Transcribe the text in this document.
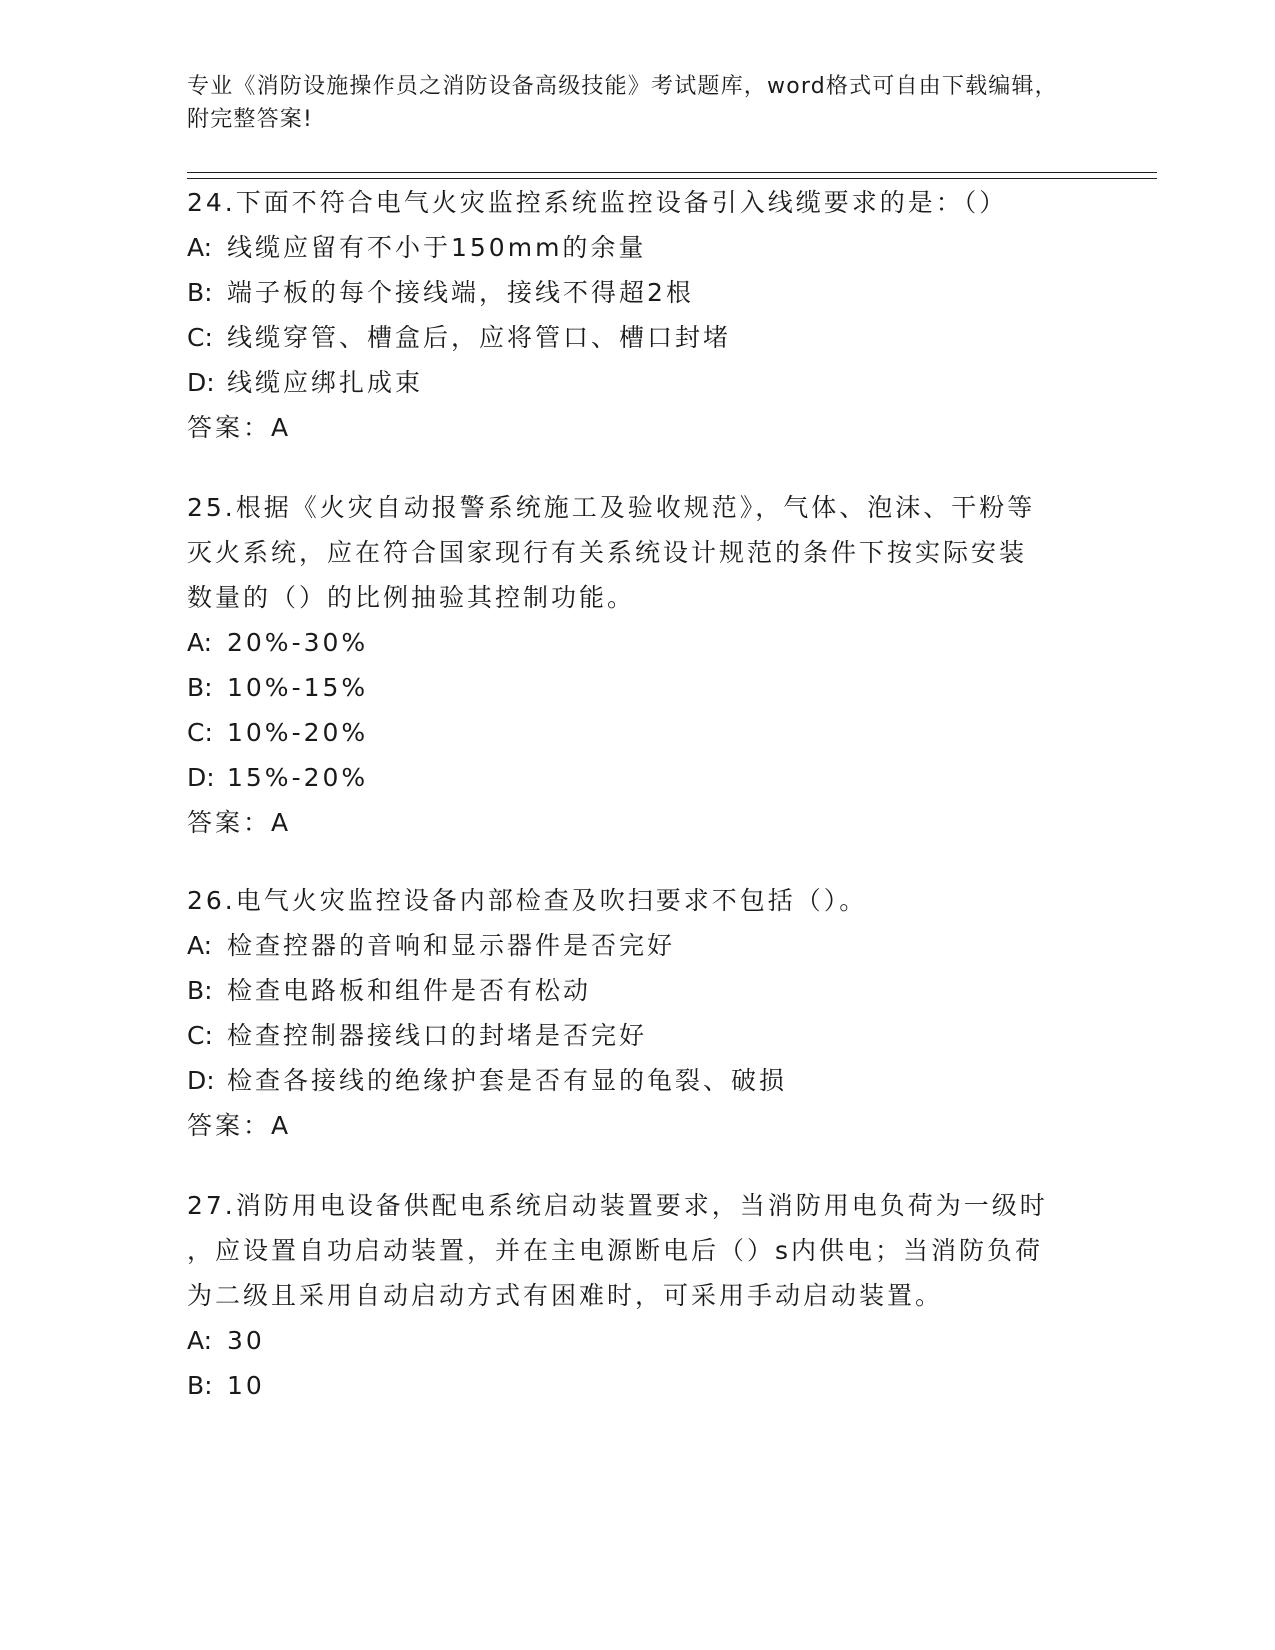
专业《消防设施操作员之消防设备高级技能》考试题库，word格式可自由下载编辑，附完整答案!

24.下面不符合电气火灾监控系统监控设备引入线缆要求的是：（）

A: 线缆应留有不小于150mm的余量

B: 端子板的每个接线端，接线不得超2根

C: 线缆穿管、槽盒后，应将管口、槽口封堵

D: 线缆应绑扎成束

答案：A

25.根据《火灾自动报警系统施工及验收规范》，气体、泡沫、干粉等

灭火系统，应在符合国家现行有关系统设计规范的条件下按实际安装

数量的（）的比例抽验其控制功能。

A: 20%-30%

B: 10%-15%

C: 10%-20%

D: 15%-20%

答案：A

26.电气火灾监控设备内部检查及吹扫要求不包括（）。

A: 检查控器的音响和显示器件是否完好

B: 检查电路板和组件是否有松动

C: 检查控制器接线口的封堵是否完好

D: 检查各接线的绝缘护套是否有显的龟裂、破损

答案：A

27.消防用电设备供配电系统启动装置要求，当消防用电负荷为一级时

，应设置自功启动装置，并在主电源断电后（）s内供电；当消防负荷

为二级且采用自动启动方式有困难时，可采用手动启动装置。

A: 30

B: 10
